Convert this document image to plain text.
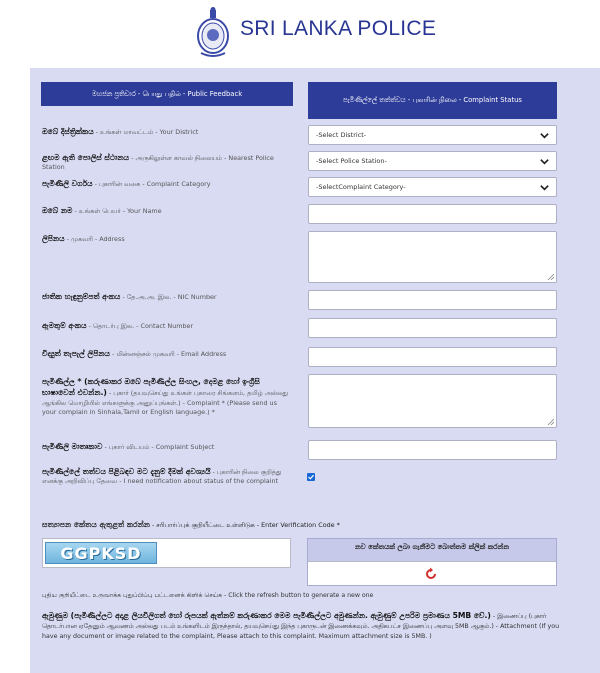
SRI LANKA POLICE
මහජන ප්‍රතිචාර - பொது பதில் - Public Feedback
පැමිණිල්ලේ තත්ත්වය - புகாரின் நிலை - Complaint Status
ඔබේ දිස්ත්‍රික්කය - உங்கள் மாவட்டம் - Your District	-Select District-
ළඟම ඇති පොලිස් ස්ථානය - அருகிலுள்ள காவல் நிலையம் - Nearest Police Station
-Select Police Station-
පැමිණිලි වර්ගය - புகாரின் வகை - Complaint Category	-SelectComplaint Category-
ඔබේ නම - உங்கள் பெயர் - Your Name
ලිපිනය - முகவரி - Address
ජාතික හැඳුනුම්පත් අංකය - தே.அ.அ. இல. - NIC Number
ඇමතුම් අංකය - தொடர்பு இல. - Contact Number
විද්‍යුත් තැපැල් ලිපිනය - மின்னஞ்சல் முகவரி - Email Address
පැමිණිල්ල * (කරුණාකර ඔබේ පැමිණිල්ල සිංහල, දෙමළ හෝ ඉංග්‍රීසි භාෂාවෙන් එවන්න.) - புகார் (தயவுசெய்து உங்கள் புகாரை சிங்களம், தமிழ் அல்லது ஆங்கில மொழியில் எங்களுக்கு அனுப்புங்கள்.) - Complaint * (Please send us your complain in Sinhala,Tamil or English language.) *
පැමිණිලි මාතෘකාව - புகார் விடயம் - Complaint Subject
පැමිණිල්ලේ තත්වය පිළිබඳව මට දැනුම් දීමක් අවශ්‍යයි - புகாரின் நிலை குறித்து எனக்கு அறிவிப்பு தேவை - I need notification about status of the complaint
සත්‍යාපන කේතය ඇතුළත් කරන්න - சரிபார்ப்புக் குறியீட்டை உள்ளிடுக - Enter Verification Code *
GGPKSD	නව කේතයක් ලබා ගැනීමට බොත්තම ක්ලික් කරන්න
புதிய குறியீட்டை உருவாக்க புதுப்பிப்பு பட்டனைக் கிளிக் செய்க - Click the refresh button to generate a new one
ඇමුණුම (පැමිණිල්ලට අදාළ ලියවිලිගත් හෝ රූපයක් ඇත්නම් කරුණාකර මෙම පැමිණිල්ලට අමුණන්න. ඇමුණුම් උපරිම ප්‍රමාණය 5MB වේ.) - இணைப்பு (புகார் தொடர்பான ஏதேனும் ஆவணம் அல்லது படம் உங்களிடம் இருந்தால், தயவுசெய்து இந்த புகாருடன் இணைக்கவும். அதிகபட்ச இணைப்பு அளவு 5MB ஆகும்.) - Attachment (If you have any document or image related to the complaint, Please attach to this complaint. Maximum attachment size is 5MB. )
